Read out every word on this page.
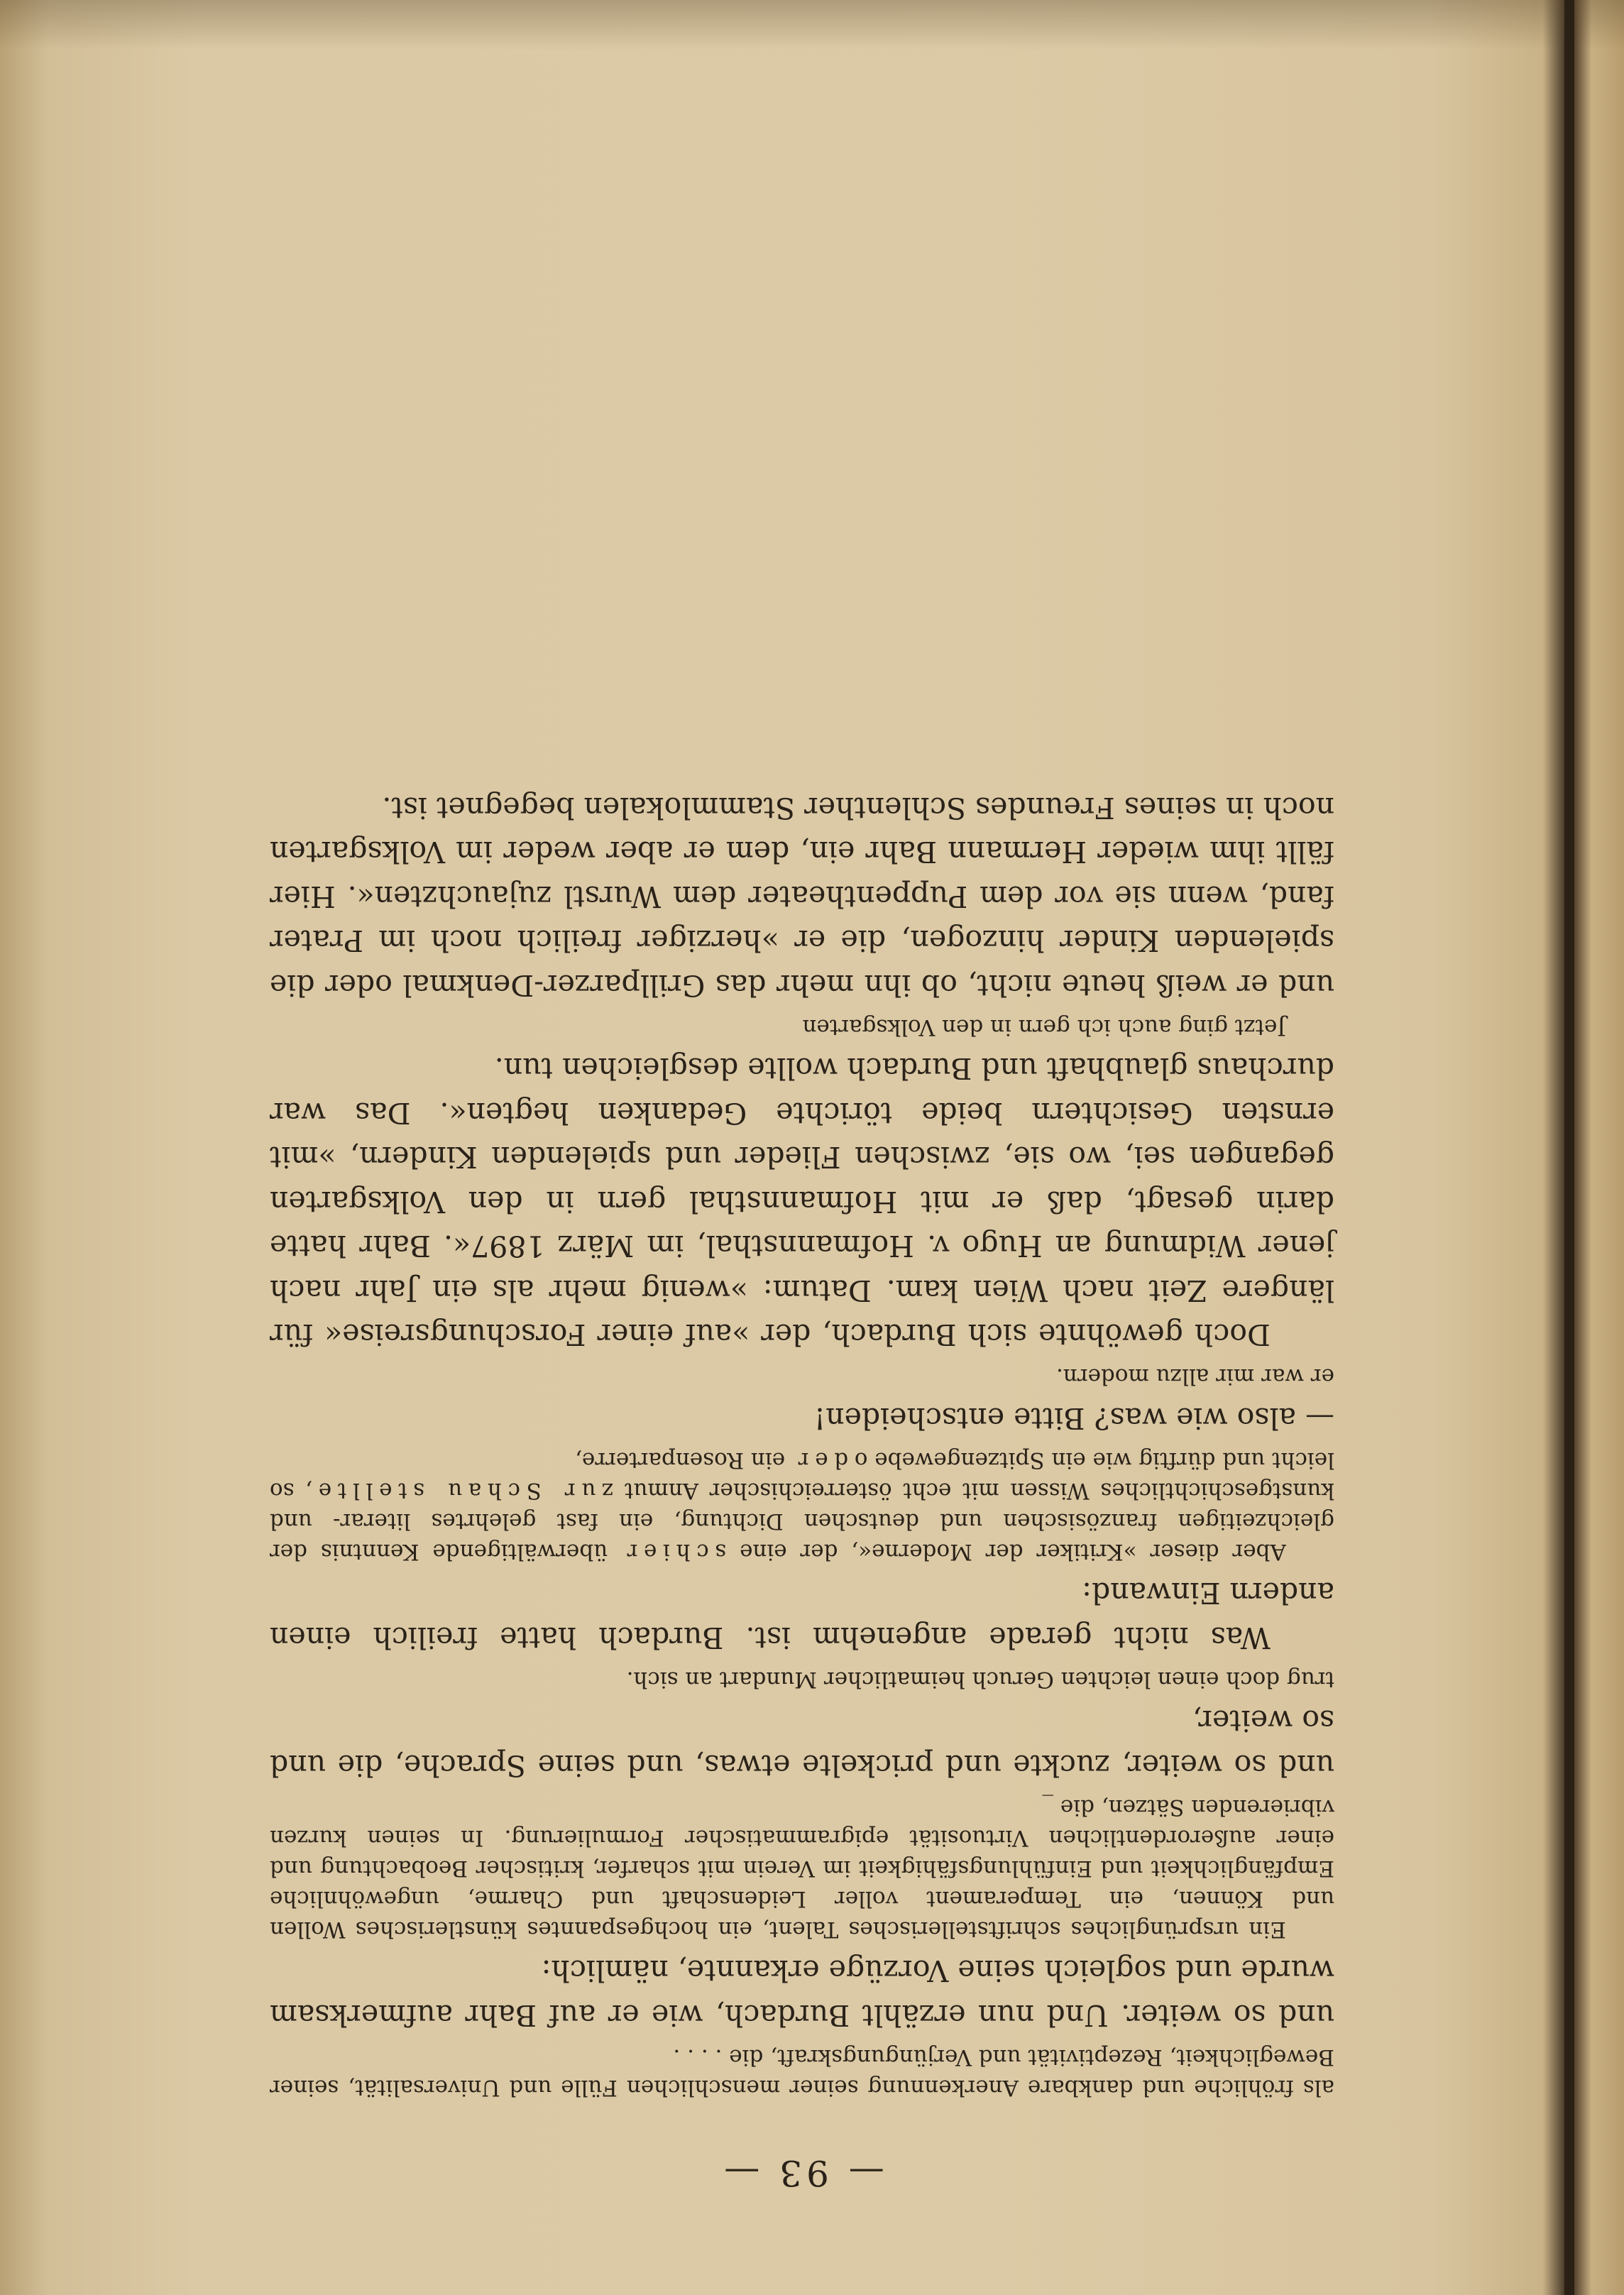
— 93 —

als fröhliche und dankbare Anerkennung seiner menschlichen Fülle und Universalität, seiner Beweglichkeit, Rezeptivität und Verjüngungskraft, die . . . .

und so weiter. Und nun erzählt Burdach, wie er auf Bahr aufmerksam wurde und sogleich seine Vorzüge erkannte, nämlich:

Ein ursprüngliches schriftstellerisches Talent, ein hochgespanntes künstlerisches Wollen und Können, ein Temperament voller Leidenschaft und Charme, ungewöhnliche Empfänglichkeit und Einfühlungsfähigkeit im Verein mit scharfer, kritischer Beobachtung und einer außerordentlichen Virtuosität epigrammatischer Formulierung. In seinen kurzen vibrierenden Sätzen, die _

und so weiter, zuckte und prickelte etwas, und seine Sprache, die und so weiter,

trug doch einen leichten Geruch heimatlicher Mundart an sich.

Was nicht gerade angenehm ist. Burdach hatte freilich einen andern Einwand:

Aber dieser »Kritiker der Moderne«, der eine schier überwältigende Kenntnis der gleichzeitigen französischen und deutschen Dichtung, ein fast gelehrtes literar- und kunstgeschichtliches Wissen mit echt österreichischer Anmut zur Schau stellte, so leicht und dürftig wie ein Spitzengewebe oder ein Rosenparterre,

— also wie was? Bitte entscheiden!

er war mir allzu modern.

Doch gewöhnte sich Burdach, der »auf einer Forschungsreise« für längere Zeit nach Wien kam. Datum: »wenig mehr als ein Jahr nach jener Widmung an Hugo v. Hofmannsthal, im März 1897«. Bahr hatte darin gesagt, daß er mit Hofmannsthal gern in den Volksgarten gegangen sei, wo sie, zwischen Flieder und spielenden Kindern, »mit ernsten Gesichtern beide törichte Gedanken hegten«. Das war durchaus glaubhaft und Burdach wollte desgleichen tun.

Jetzt ging auch ich gern in den Volksgarten

und er weiß heute nicht, ob ihn mehr das Grillparzer-Denkmal oder die spielenden Kinder hinzogen, die er »herziger freilich noch im Prater fand, wenn sie vor dem Puppentheater dem Wurstl zujauchzten«. Hier fällt ihm wieder Hermann Bahr ein, dem er aber weder im Volksgarten noch in seines Freundes Schlenther Stammlokalen begegnet ist.
